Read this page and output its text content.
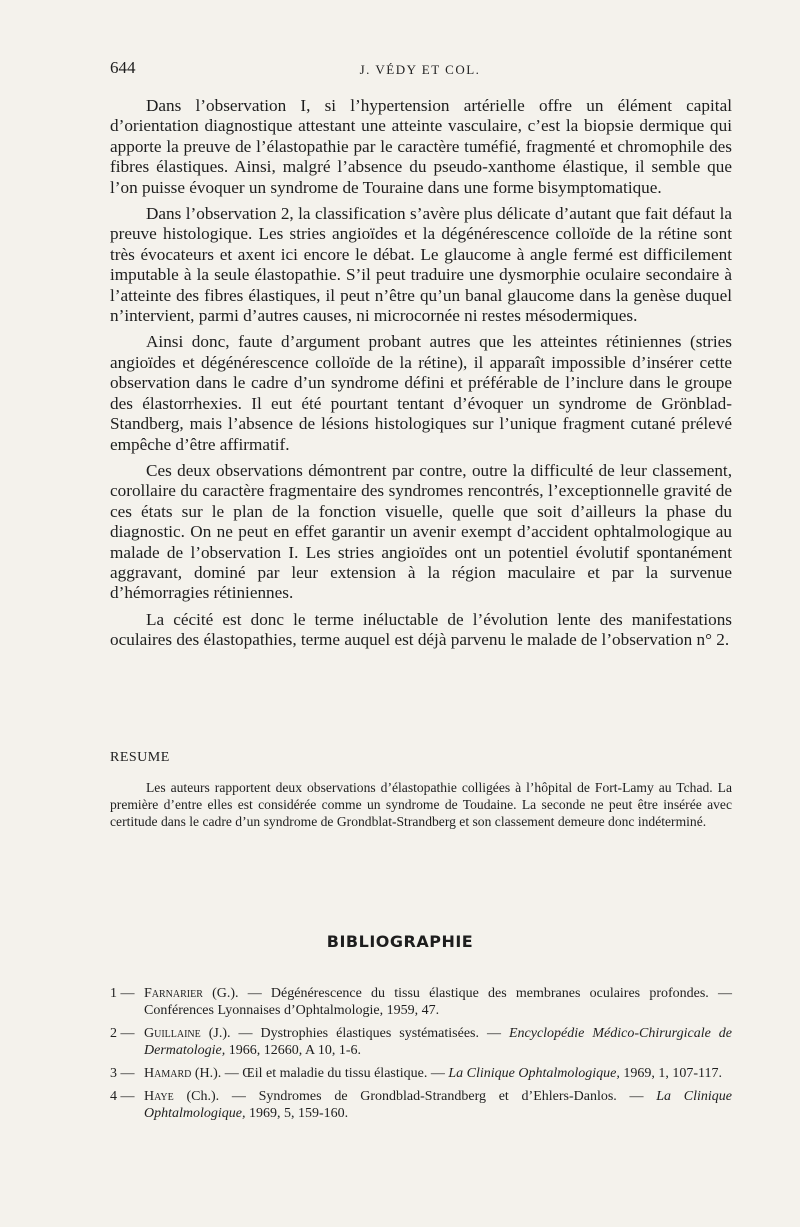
644	J. VÉDY ET COL.

Dans l’observation I, si l’hypertension artérielle offre un élément capital d’orientation diagnostique attestant une atteinte vasculaire, c’est la biopsie dermique qui apporte la preuve de l’élastopathie par le caractère tuméfié, fragmenté et chromophile des fibres élastiques. Ainsi, malgré l’absence du pseudo-xanthome élastique, il semble que l’on puisse évoquer un syndrome de Touraine dans une forme bisymptomatique.

Dans l’observation 2, la classification s’avère plus délicate d’autant que fait défaut la preuve histologique. Les stries angioïdes et la dégénérescence colloïde de la rétine sont très évocateurs et axent ici encore le débat. Le glaucome à angle fermé est difficilement imputable à la seule élastopathie. S’il peut traduire une dysmorphie oculaire secondaire à l’atteinte des fibres élastiques, il peut n’être qu’un banal glaucome dans la genèse duquel n’intervient, parmi d’autres causes, ni microcornée ni restes mésodermiques.

Ainsi donc, faute d’argument probant autres que les atteintes rétiniennes (stries angioïdes et dégénérescence colloïde de la rétine), il apparaît impossible d’insérer cette observation dans le cadre d’un syndrome défini et préférable de l’inclure dans le groupe des élastorrhexies. Il eut été pourtant tentant d’évoquer un syndrome de Grönblad-Standberg, mais l’absence de lésions histologiques sur l’unique fragment cutané prélevé empêche d’être affirmatif.

Ces deux observations démontrent par contre, outre la difficulté de leur classement, corollaire du caractère fragmentaire des syndromes rencontrés, l’exceptionnelle gravité de ces états sur le plan de la fonction visuelle, quelle que soit d’ailleurs la phase du diagnostic. On ne peut en effet garantir un avenir exempt d’accident ophtalmologique au malade de l’observation I. Les stries angioïdes ont un potentiel évolutif spontanément aggravant, dominé par leur extension à la région maculaire et par la survenue d’hémorragies rétiniennes.

La cécité est donc le terme inéluctable de l’évolution lente des manifestations oculaires des élastopathies, terme auquel est déjà parvenu le malade de l’observation n° 2.

RESUME

Les auteurs rapportent deux observations d’élastopathie colligées à l’hôpital de Fort-Lamy au Tchad. La première d’entre elles est considérée comme un syndrome de Toudaine. La seconde ne peut être insérée avec certitude dans le cadre d’un syndrome de Grondblat-Strandberg et son classement demeure donc indéterminé.

BIBLIOGRAPHIE
1 — Farnarier (G.). — Dégénérescence du tissu élastique des membranes oculaires profondes. — Conférences Lyonnaises d’Ophtalmologie, 1959, 47.
2 — Guillaine (J.). — Dystrophies élastiques systématisées. — Encyclopédie Médico-Chirurgicale de Dermatologie, 1966, 12660, A 10, 1-6.
3 — Hamard (H.). — Œil et maladie du tissu élastique. — La Clinique Ophtalmologique, 1969, 1, 107-117.
4 — Haye (Ch.). — Syndromes de Grondblad-Strandberg et d’Ehlers-Danlos. — La Clinique Ophtalmologique, 1969, 5, 159-160.
